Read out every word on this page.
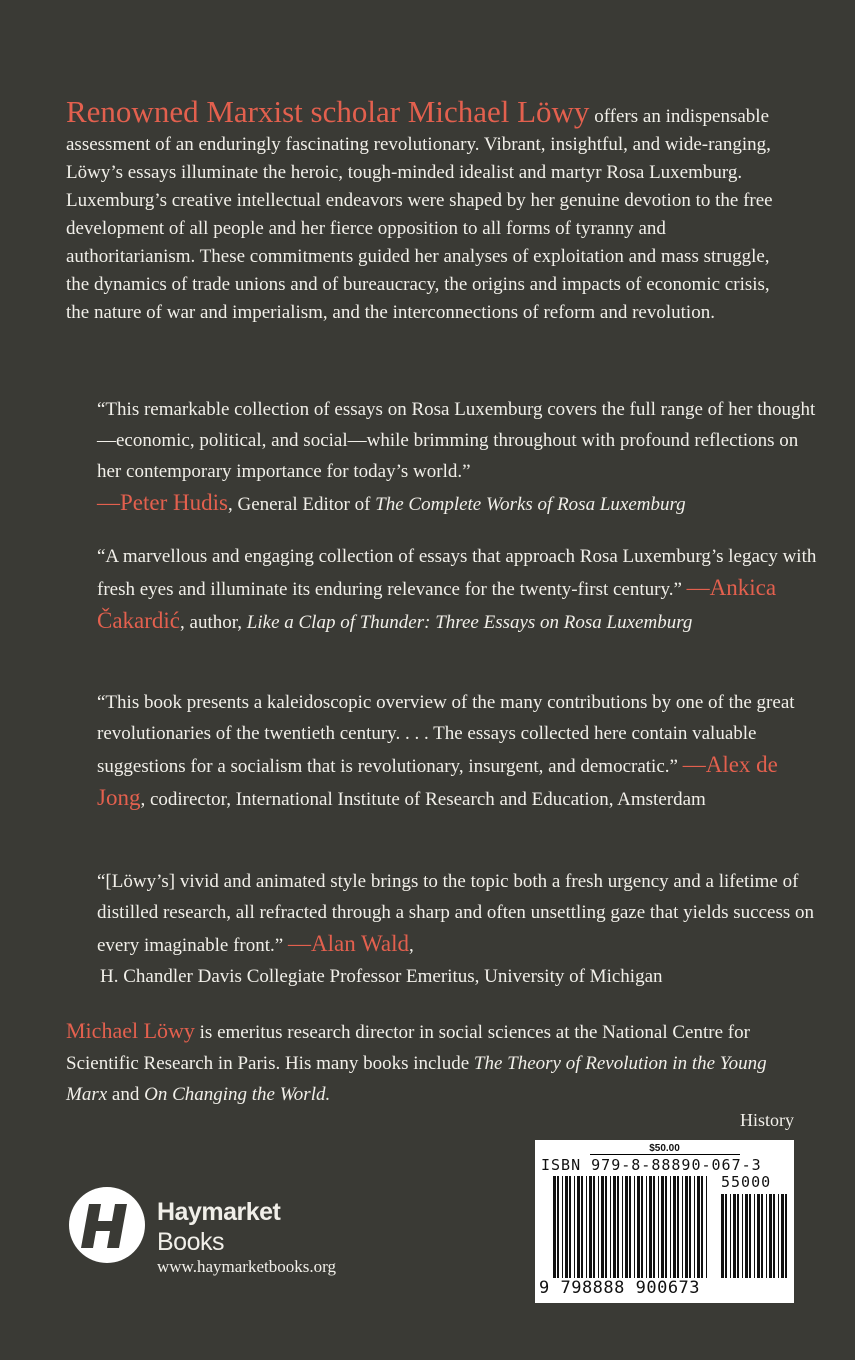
Renowned Marxist scholar Michael Löwy offers an indispensable assessment of an enduringly fascinating revolutionary. Vibrant, insightful, and wide-ranging, Löwy’s essays illuminate the heroic, tough-minded idealist and martyr Rosa Luxemburg. Luxemburg’s creative intellectual endeavors were shaped by her genuine devotion to the free development of all people and her fierce opposition to all forms of tyranny and authoritarianism. These commitments guided her analyses of exploitation and mass struggle, the dynamics of trade unions and of bureaucracy, the origins and impacts of economic crisis, the nature of war and imperialism, and the interconnections of reform and revolution.

“This remarkable collection of essays on Rosa Luxemburg covers the full range of her thought—economic, political, and social—while brimming throughout with profound reflections on her contemporary importance for today’s world.”
—Peter Hudis, General Editor of The Complete Works of Rosa Luxemburg

“A marvellous and engaging collection of essays that approach Rosa Luxemburg’s legacy with fresh eyes and illuminate its enduring relevance for the twenty-first century.” —Ankica Čakardić, author, Like a Clap of Thunder: Three Essays on Rosa Luxemburg

“This book presents a kaleidoscopic overview of the many contributions by one of the great revolutionaries of the twentieth century. . . . The essays collected here contain valuable suggestions for a socialism that is revolutionary, insurgent, and democratic.” —Alex de Jong, codirector, International Institute of Research and Education, Amsterdam

“[Löwy’s] vivid and animated style brings to the topic both a fresh urgency and a lifetime of distilled research, all refracted through a sharp and often unsettling gaze that yields success on every imaginable front.” —Alan Wald,
H. Chandler Davis Collegiate Professor Emeritus, University of Michigan

Michael Löwy is emeritus research director in social sciences at the National Centre for Scientific Research in Paris. His many books include The Theory of Revolution in the Young Marx and On Changing the World.

History
$50.00
ISBN 979-8-88890-067-3
55000
9 798888 900673
Haymarket
Books
www.haymarketbooks.org
